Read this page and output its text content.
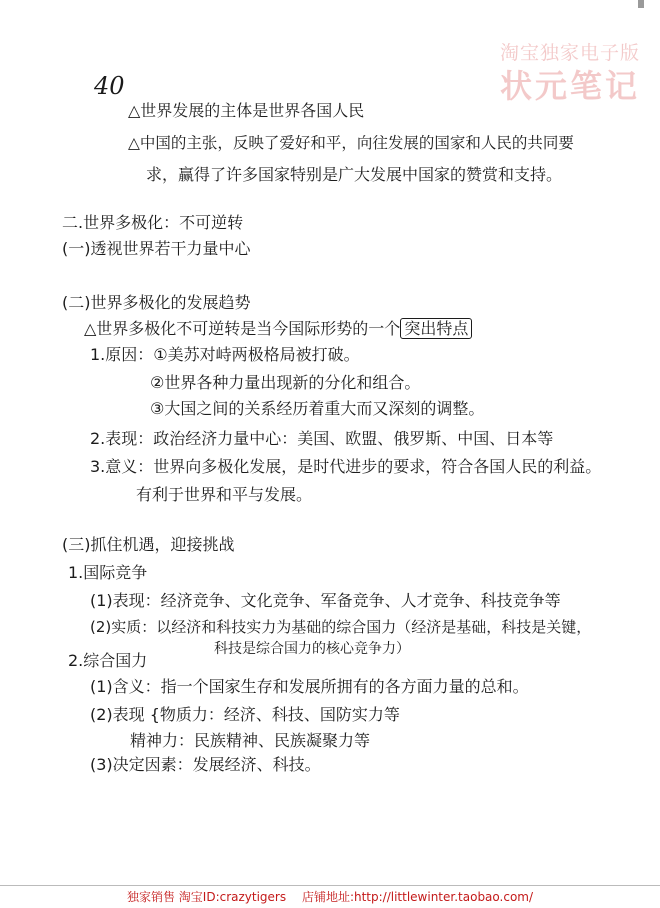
淘宝独家电子版
状元笔记
40
△世界发展的主体是世界各国人民
△中国的主张，反映了爱好和平，向往发展的国家和人民的共同要
求，赢得了许多国家特别是广大发展中国家的赞赏和支持。
二.世界多极化：不可逆转
(一)透视世界若干力量中心
(二)世界多极化的发展趋势
△世界多极化不可逆转是当今国际形势的一个 突出特点
1.原因：①美苏对峙两极格局被打破。
②世界各种力量出现新的分化和组合。
③大国之间的关系经历着重大而又深刻的调整。
2.表现：政治经济力量中心：美国、欧盟、俄罗斯、中国、日本等
3.意义：世界向多极化发展，是时代进步的要求，符合各国人民的利益。
有利于世界和平与发展。
(三)抓住机遇，迎接挑战
1.国际竞争
(1)表现：经济竞争、文化竞争、军备竞争、人才竞争、科技竞争等
(2)实质：以经济和科技实力为基础的综合国力（经济是基础，科技是关键，
科技是综合国力的核心竞争力）
2.综合国力
(1)含义：指一个国家生存和发展所拥有的各方面力量的总和。
(2)表现 {物质力：经济、科技、国防实力等
精神力：民族精神、民族凝聚力等
(3)决定因素：发展经济、科技。
独家销售 淘宝ID:crazytigers 店铺地址:http://littlewinter.taobao.com/
